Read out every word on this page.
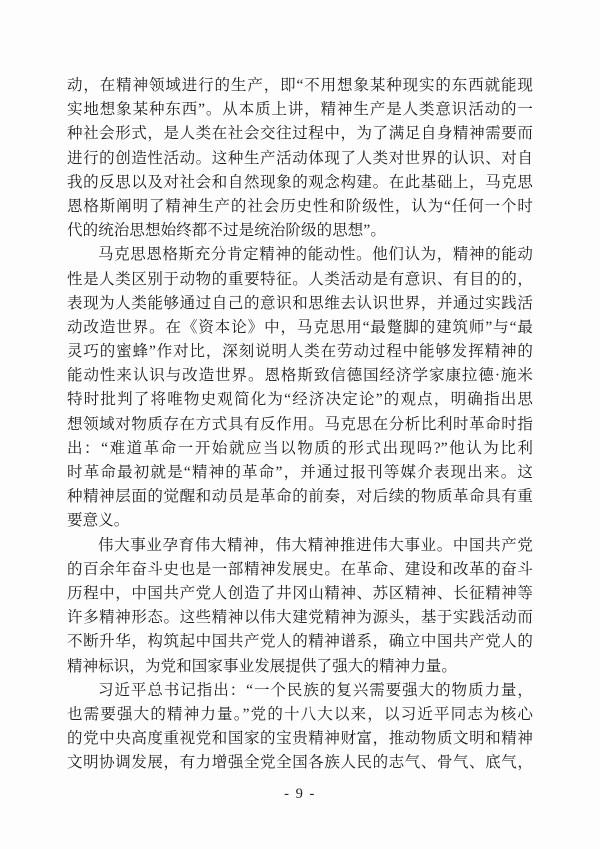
动，在精神领域进行的生产，即“不用想象某种现实的东西就能现
实地想象某种东西”。从本质上讲，精神生产是人类意识活动的一
种社会形式，是人类在社会交往过程中，为了满足自身精神需要而
进行的创造性活动。这种生产活动体现了人类对世界的认识、对自
我的反思以及对社会和自然现象的观念构建。在此基础上，马克思
恩格斯阐明了精神生产的社会历史性和阶级性，认为“任何一个时
代的统治思想始终都不过是统治阶级的思想”。
马克思恩格斯充分肯定精神的能动性。他们认为，精神的能动
性是人类区别于动物的重要特征。人类活动是有意识、有目的的，
表现为人类能够通过自己的意识和思维去认识世界，并通过实践活
动改造世界。在《资本论》中，马克思用“最蹩脚的建筑师”与“最
灵巧的蜜蜂”作对比，深刻说明人类在劳动过程中能够发挥精神的
能动性来认识与改造世界。恩格斯致信德国经济学家康拉德·施米
特时批判了将唯物史观简化为“经济决定论”的观点，明确指出思
想领域对物质存在方式具有反作用。马克思在分析比利时革命时指
出：“难道革命一开始就应当以物质的形式出现吗?”他认为比利
时革命最初就是“精神的革命”，并通过报刊等媒介表现出来。这
种精神层面的觉醒和动员是革命的前奏，对后续的物质革命具有重
要意义。
伟大事业孕育伟大精神，伟大精神推进伟大事业。中国共产党
的百余年奋斗史也是一部精神发展史。在革命、建设和改革的奋斗
历程中，中国共产党人创造了井冈山精神、苏区精神、长征精神等
许多精神形态。这些精神以伟大建党精神为源头，基于实践活动而
不断升华，构筑起中国共产党人的精神谱系，确立中国共产党人的
精神标识，为党和国家事业发展提供了强大的精神力量。
习近平总书记指出：“一个民族的复兴需要强大的物质力量，
也需要强大的精神力量。”党的十八大以来，以习近平同志为核心
的党中央高度重视党和国家的宝贵精神财富，推动物质文明和精神
文明协调发展，有力增强全党全国各族人民的志气、骨气、底气，
- 9 -
